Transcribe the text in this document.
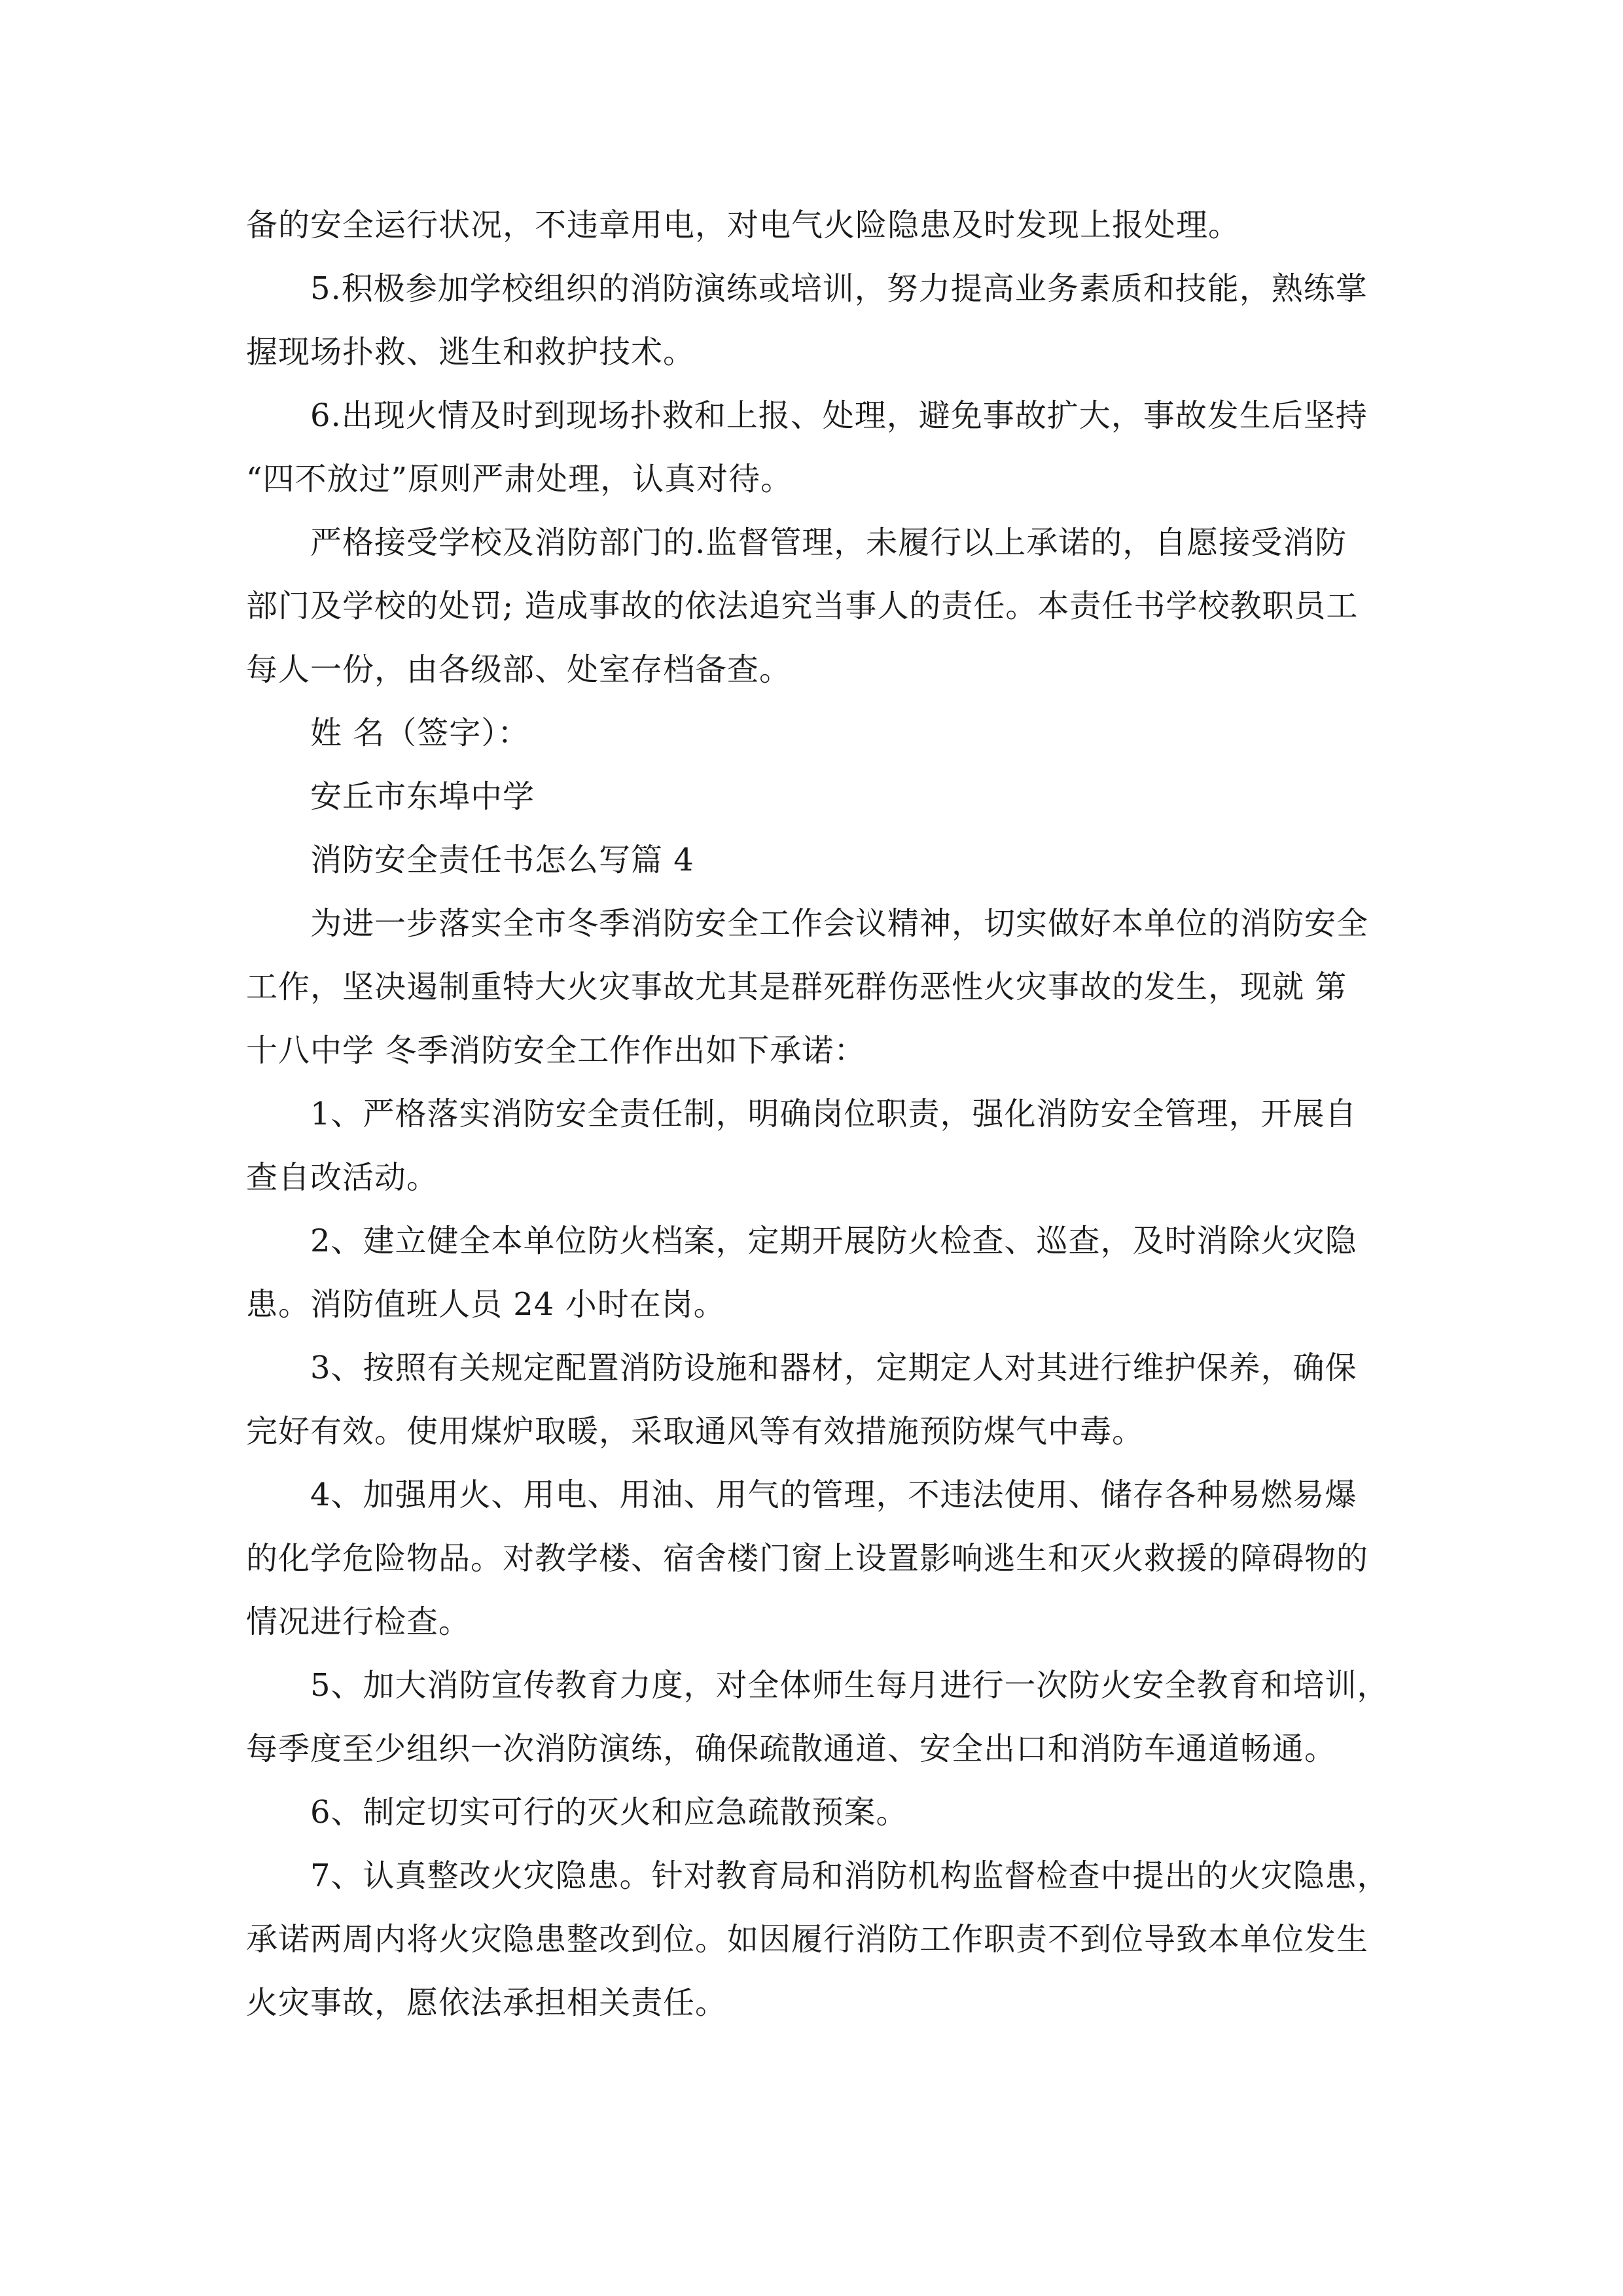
备的安全运行状况，不违章用电，对电气火险隐患及时发现上报处理。
5.积极参加学校组织的消防演练或培训，努力提高业务素质和技能，熟练掌
握现场扑救、逃生和救护技术。
6.出现火情及时到现场扑救和上报、处理，避免事故扩大，事故发生后坚持
“四不放过”原则严肃处理，认真对待。
严格接受学校及消防部门的.监督管理，未履行以上承诺的，自愿接受消防
部门及学校的处罚; 造成事故的依法追究当事人的责任。本责任书学校教职员工
每人一份，由各级部、处室存档备查。
姓 名（签字）：
安丘市东埠中学
消防安全责任书怎么写篇 4
为进一步落实全市冬季消防安全工作会议精神，切实做好本单位的消防安全
工作，坚决遏制重特大火灾事故尤其是群死群伤恶性火灾事故的发生，现就 第
十八中学 冬季消防安全工作作出如下承诺：
1、严格落实消防安全责任制，明确岗位职责，强化消防安全管理，开展自
查自改活动。
2、建立健全本单位防火档案，定期开展防火检查、巡查，及时消除火灾隐
患。消防值班人员 24 小时在岗。
3、按照有关规定配置消防设施和器材，定期定人对其进行维护保养，确保
完好有效。使用煤炉取暖，采取通风等有效措施预防煤气中毒。
4、加强用火、用电、用油、用气的管理，不违法使用、储存各种易燃易爆
的化学危险物品。对教学楼、宿舍楼门窗上设置影响逃生和灭火救援的障碍物的
情况进行检查。
5、加大消防宣传教育力度，对全体师生每月进行一次防火安全教育和培训，
每季度至少组织一次消防演练，确保疏散通道、安全出口和消防车通道畅通。
6、制定切实可行的灭火和应急疏散预案。
7、认真整改火灾隐患。针对教育局和消防机构监督检查中提出的火灾隐患，
承诺两周内将火灾隐患整改到位。如因履行消防工作职责不到位导致本单位发生
火灾事故，愿依法承担相关责任。
